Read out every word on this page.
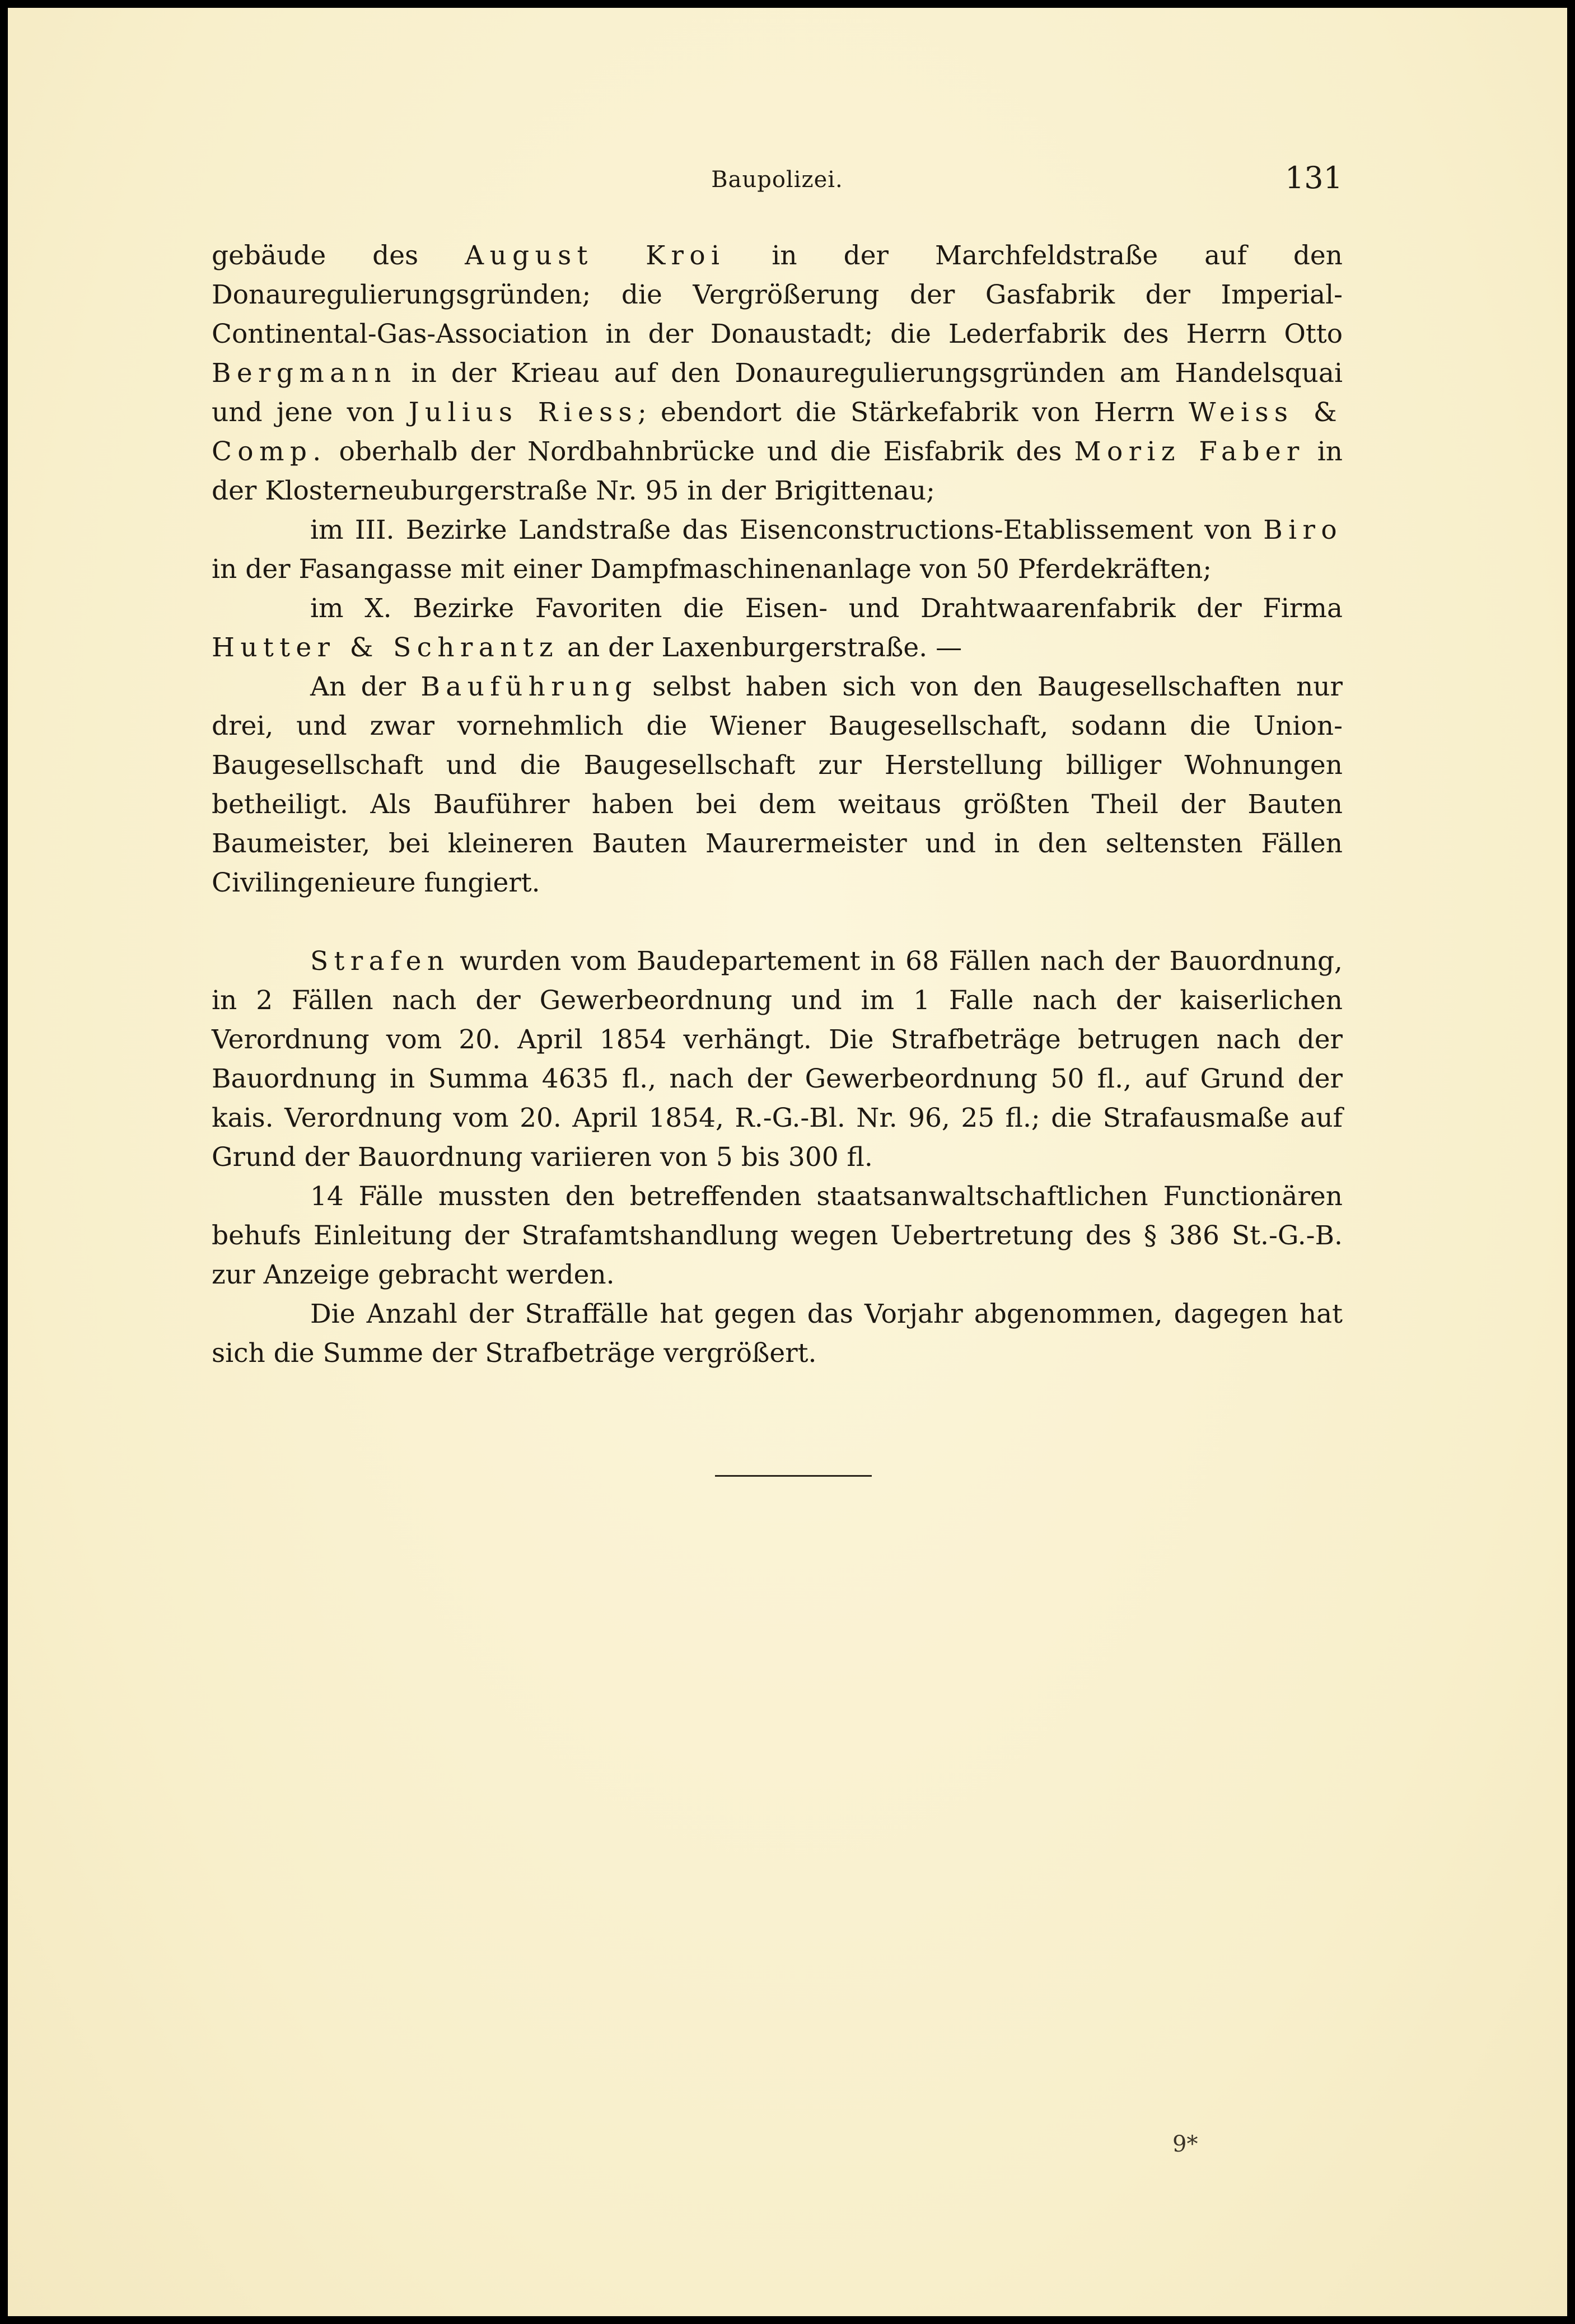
Baupolizei.	131

gebäude des August Kroi in der Marchfeldstraße auf den Donauregulierungsgründen; die Vergrößerung der Gasfabrik der Imperial-Continental-Gas-Association in der Donaustadt; die Lederfabrik des Herrn Otto Bergmann in der Krieau auf den Donauregulierungsgründen am Handelsquai und jene von Julius Riess; ebendort die Stärkefabrik von Herrn Weiss & Comp. oberhalb der Nordbahnbrücke und die Eisfabrik des Moriz Faber in der Klosterneuburgerstraße Nr. 95 in der Brigittenau;

im III. Bezirke Landstraße das Eisenconstructions-Etablissement von Biro in der Fasangasse mit einer Dampfmaschinenanlage von 50 Pferdekräften;

im X. Bezirke Favoriten die Eisen- und Drahtwaarenfabrik der Firma Hutter & Schrantz an der Laxenburgerstraße. —

An der Bauführung selbst haben sich von den Baugesellschaften nur drei, und zwar vornehmlich die Wiener Baugesellschaft, sodann die Union-Baugesellschaft und die Baugesellschaft zur Herstellung billiger Wohnungen betheiligt. Als Bauführer haben bei dem weitaus größten Theil der Bauten Baumeister, bei kleineren Bauten Maurermeister und in den seltensten Fällen Civilingenieure fungiert.

Strafen wurden vom Baudepartement in 68 Fällen nach der Bauordnung, in 2 Fällen nach der Gewerbeordnung und im 1 Falle nach der kaiserlichen Verordnung vom 20. April 1854 verhängt. Die Strafbeträge betrugen nach der Bauordnung in Summa 4635 fl., nach der Gewerbeordnung 50 fl., auf Grund der kais. Verordnung vom 20. April 1854, R.-G.-Bl. Nr. 96, 25 fl.; die Strafausmaße auf Grund der Bauordnung variieren von 5 bis 300 fl.

14 Fälle mussten den betreffenden staatsanwaltschaftlichen Functionären behufs Einleitung der Strafamtshandlung wegen Uebertretung des § 386 St.-G.-B. zur Anzeige gebracht werden.

Die Anzahl der Straffälle hat gegen das Vorjahr abgenommen, dagegen hat sich die Summe der Strafbeträge vergrößert.

9*
